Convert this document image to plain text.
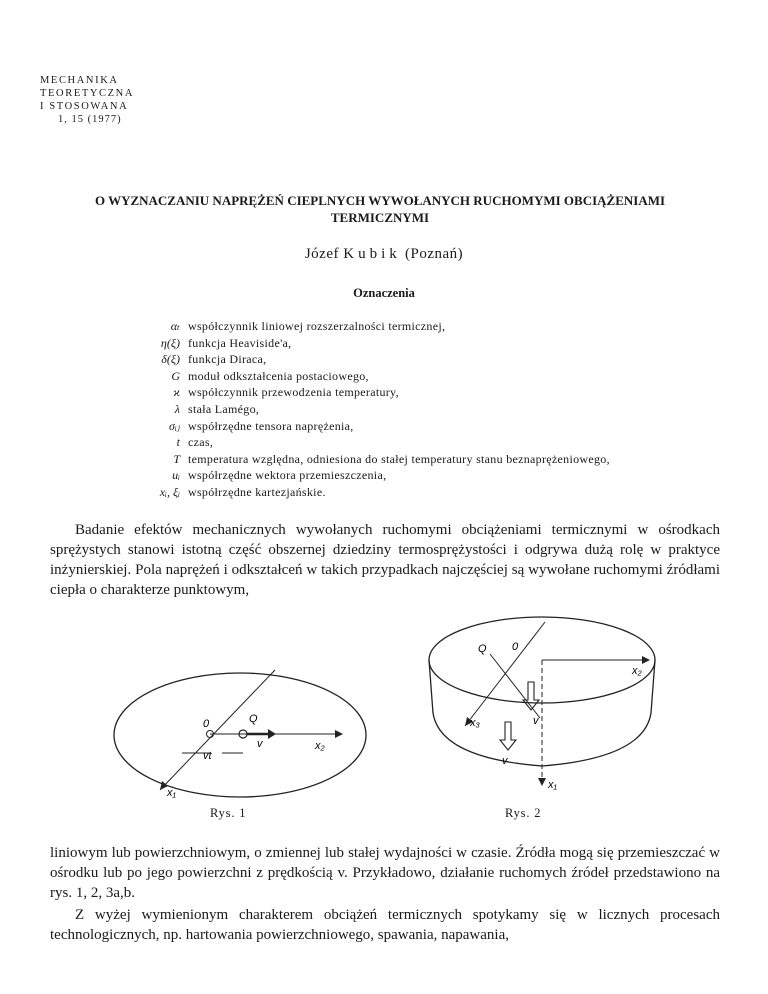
MECHANIKA
TEORETYCZNA
I STOSOWANA
1, 15 (1977)
O WYZNACZANIU NAPRĘŻEŃ CIEPLNYCH WYWOŁANYCH RUCHOMYMI OBCIĄŻENIAMI
TERMICZNYMI
Józef Kubik (Poznań)
Oznaczenia
αₜ współczynnik liniowej rozszerzalności termicznej,
η(ξ) funkcja Heaviside'a,
δ(ξ) funkcja Diraca,
G moduł odkształcenia postaciowego,
ϰ współczynnik przewodzenia temperatury,
λ stała Lamégo,
σᵢⱼ współrzędne tensora naprężenia,
t czas,
T temperatura względna, odniesiona do stałej temperatury stanu beznaprężeniowego,
uᵢ współrzędne wektora przemieszczenia,
xᵢ, ξᵢ współrzędne kartezjańskie.
Badanie efektów mechanicznych wywołanych ruchomymi obciążeniami termicznymi w ośrodkach sprężystych stanowi istotną część obszernej dziedziny termosprężystości i odgrywa dużą rolę w praktyce inżynierskiej. Pola naprężeń i odkształceń w takich przypadkach najczęściej są wywołane ruchomymi źródłami ciepła o charakterze punktowym,
0	Q
v	x₂
vt
x₁
Rys. 1
Q 0
x₂
x₃	v
v
x₁
Rys. 2
liniowym lub powierzchniowym, o zmiennej lub stałej wydajności w czasie. Źródła mogą się przemieszczać w ośrodku lub po jego powierzchni z prędkością v. Przykładowo, działanie ruchomych źródeł przedstawiono na rys. 1, 2, 3a,b.
Z wyżej wymienionym charakterem obciążeń termicznych spotykamy się w licznych procesach technologicznych, np. hartowania powierzchniowego, spawania, napawania,
